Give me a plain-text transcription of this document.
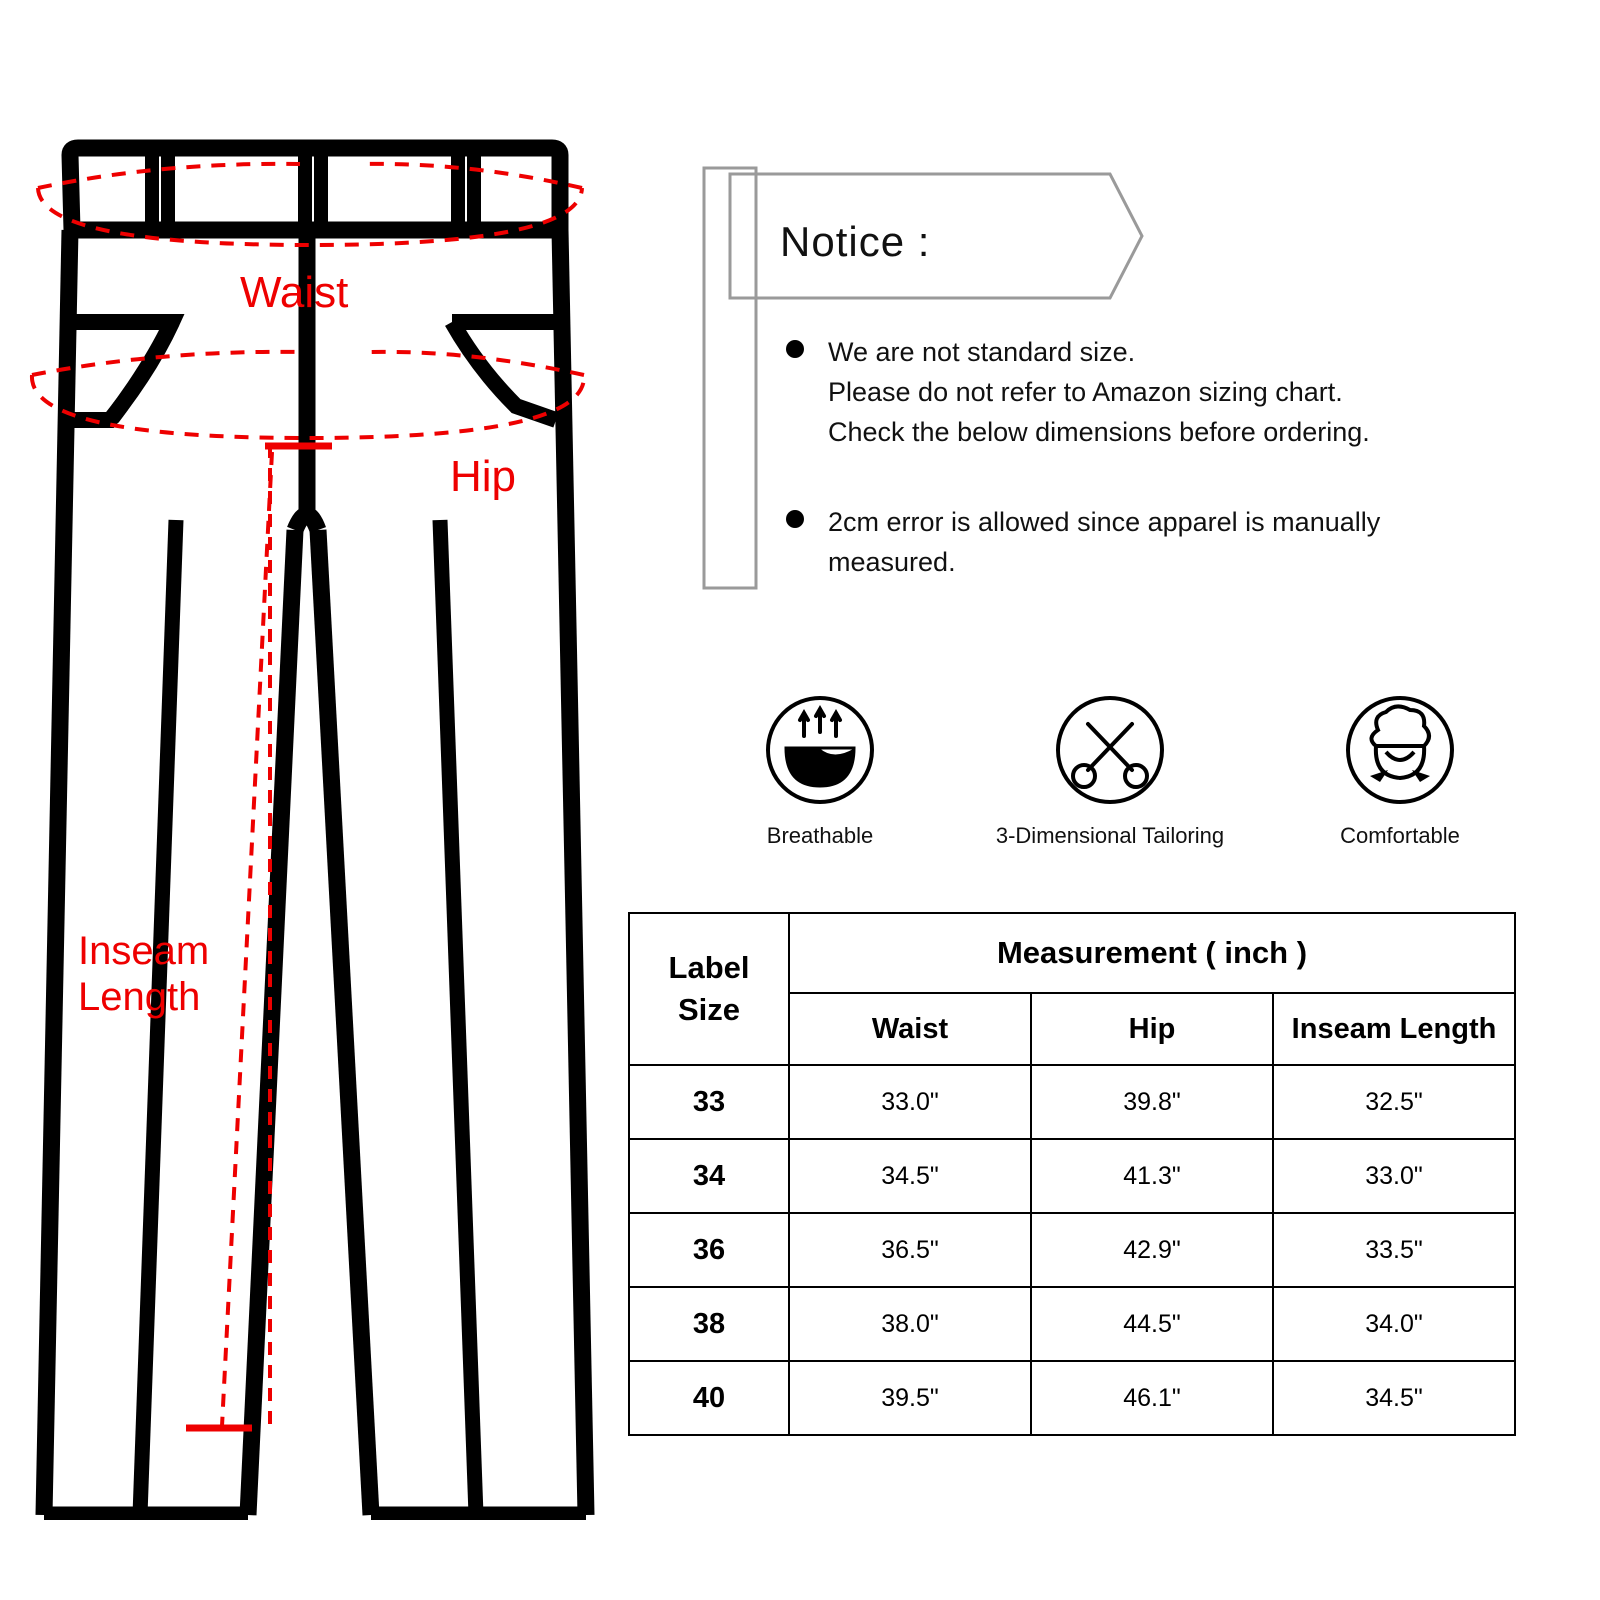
Waist
Hip
Inseam
Length
Notice :
We are not standard size.
Please do not refer to Amazon sizing chart.
Check the below dimensions before ordering.
2cm error is allowed since apparel is manually
measured.
Breathable	3-Dimensional Tailoring	Comfortable
Label
Size	Measurement ( inch )		
	Waist	Hip	Inseam Length
33	33.0"	39.8"	32.5"
34	34.5"	41.3"	33.0"
36	36.5"	42.9"	33.5"
38	38.0"	44.5"	34.0"
40	39.5"	46.1"	34.5"
